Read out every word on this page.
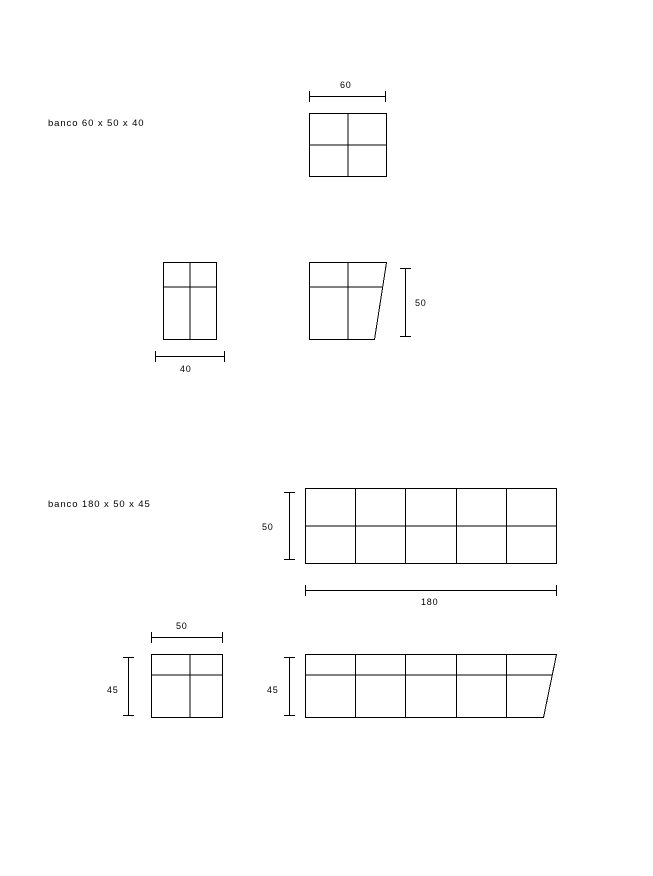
60
banco 60 x 50 x 40
40
50
banco 180 x 50 x 45
50
180
50
45	45
